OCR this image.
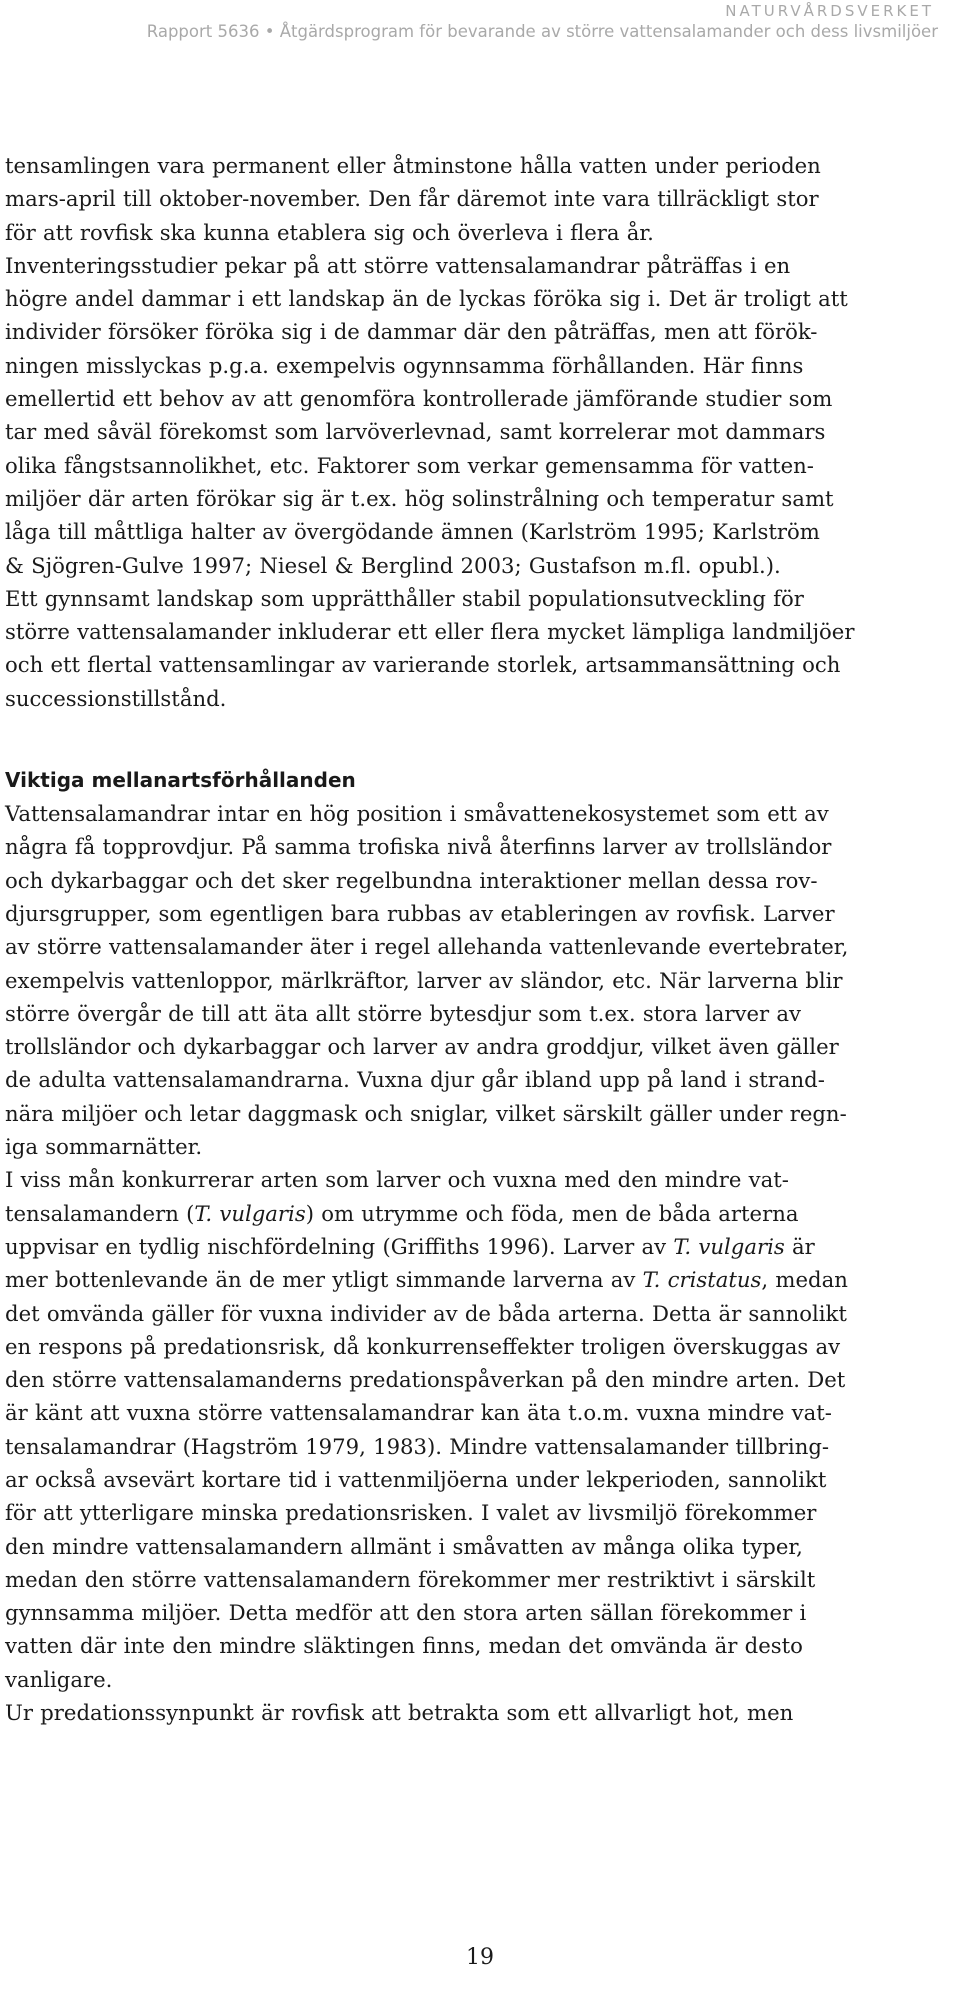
NATURVÅRDSVERKET
Rapport 5636 • Åtgärdsprogram för bevarande av större vattensalamander och dess livsmiljöer

tensamlingen vara permanent eller åtminstone hålla vatten under perioden
mars-april till oktober-november. Den får däremot inte vara tillräckligt stor
för att rovfisk ska kunna etablera sig och överleva i flera år.

Inventeringsstudier pekar på att större vattensalamandrar påträffas i en
högre andel dammar i ett landskap än de lyckas föröka sig i. Det är troligt att
individer försöker föröka sig i de dammar där den påträffas, men att förök-
ningen misslyckas p.g.a. exempelvis ogynnsamma förhållanden. Här finns
emellertid ett behov av att genomföra kontrollerade jämförande studier som
tar med såväl förekomst som larvöverlevnad, samt korrelerar mot dammars
olika fångstsannolikhet, etc. Faktorer som verkar gemensamma för vatten-
miljöer där arten förökar sig är t.ex. hög solinstrålning och temperatur samt
låga till måttliga halter av övergödande ämnen (Karlström 1995; Karlström
& Sjögren-Gulve 1997; Niesel & Berglind 2003; Gustafson m.fl. opubl.).

Ett gynnsamt landskap som upprätthåller stabil populationsutveckling för
större vattensalamander inkluderar ett eller flera mycket lämpliga landmiljöer
och ett flertal vattensamlingar av varierande storlek, artsammansättning och
successionstillstånd.

Viktiga mellanartsförhållanden

Vattensalamandrar intar en hög position i småvattenekosystemet som ett av
några få topprovdjur. På samma trofiska nivå återfinns larver av trollsländor
och dykarbaggar och det sker regelbundna interaktioner mellan dessa rov-
djursgrupper, som egentligen bara rubbas av etableringen av rovfisk. Larver
av större vattensalamander äter i regel allehanda vattenlevande evertebrater,
exempelvis vattenloppor, märlkräftor, larver av sländor, etc. När larverna blir
större övergår de till att äta allt större bytesdjur som t.ex. stora larver av
trollsländor och dykarbaggar och larver av andra groddjur, vilket även gäller
de adulta vattensalamandrarna. Vuxna djur går ibland upp på land i strand-
nära miljöer och letar daggmask och sniglar, vilket särskilt gäller under regn-
iga sommarnätter.

I viss mån konkurrerar arten som larver och vuxna med den mindre vat-
tensalamandern (T. vulgaris) om utrymme och föda, men de båda arterna
uppvisar en tydlig nischfördelning (Griffiths 1996). Larver av T. vulgaris är
mer bottenlevande än de mer ytligt simmande larverna av T. cristatus, medan
det omvända gäller för vuxna individer av de båda arterna. Detta är sannolikt
en respons på predationsrisk, då konkurrenseffekter troligen överskuggas av
den större vattensalamanderns predationspåverkan på den mindre arten. Det
är känt att vuxna större vattensalamandrar kan äta t.o.m. vuxna mindre vat-
tensalamandrar (Hagström 1979, 1983). Mindre vattensalamander tillbring-
ar också avsevärt kortare tid i vattenmiljöerna under lekperioden, sannolikt
för att ytterligare minska predationsrisken. I valet av livsmiljö förekommer
den mindre vattensalamandern allmänt i småvatten av många olika typer,
medan den större vattensalamandern förekommer mer restriktivt i särskilt
gynnsamma miljöer. Detta medför att den stora arten sällan förekommer i
vatten där inte den mindre släktingen finns, medan det omvända är desto
vanligare.

Ur predationssynpunkt är rovfisk att betrakta som ett allvarligt hot, men

19
